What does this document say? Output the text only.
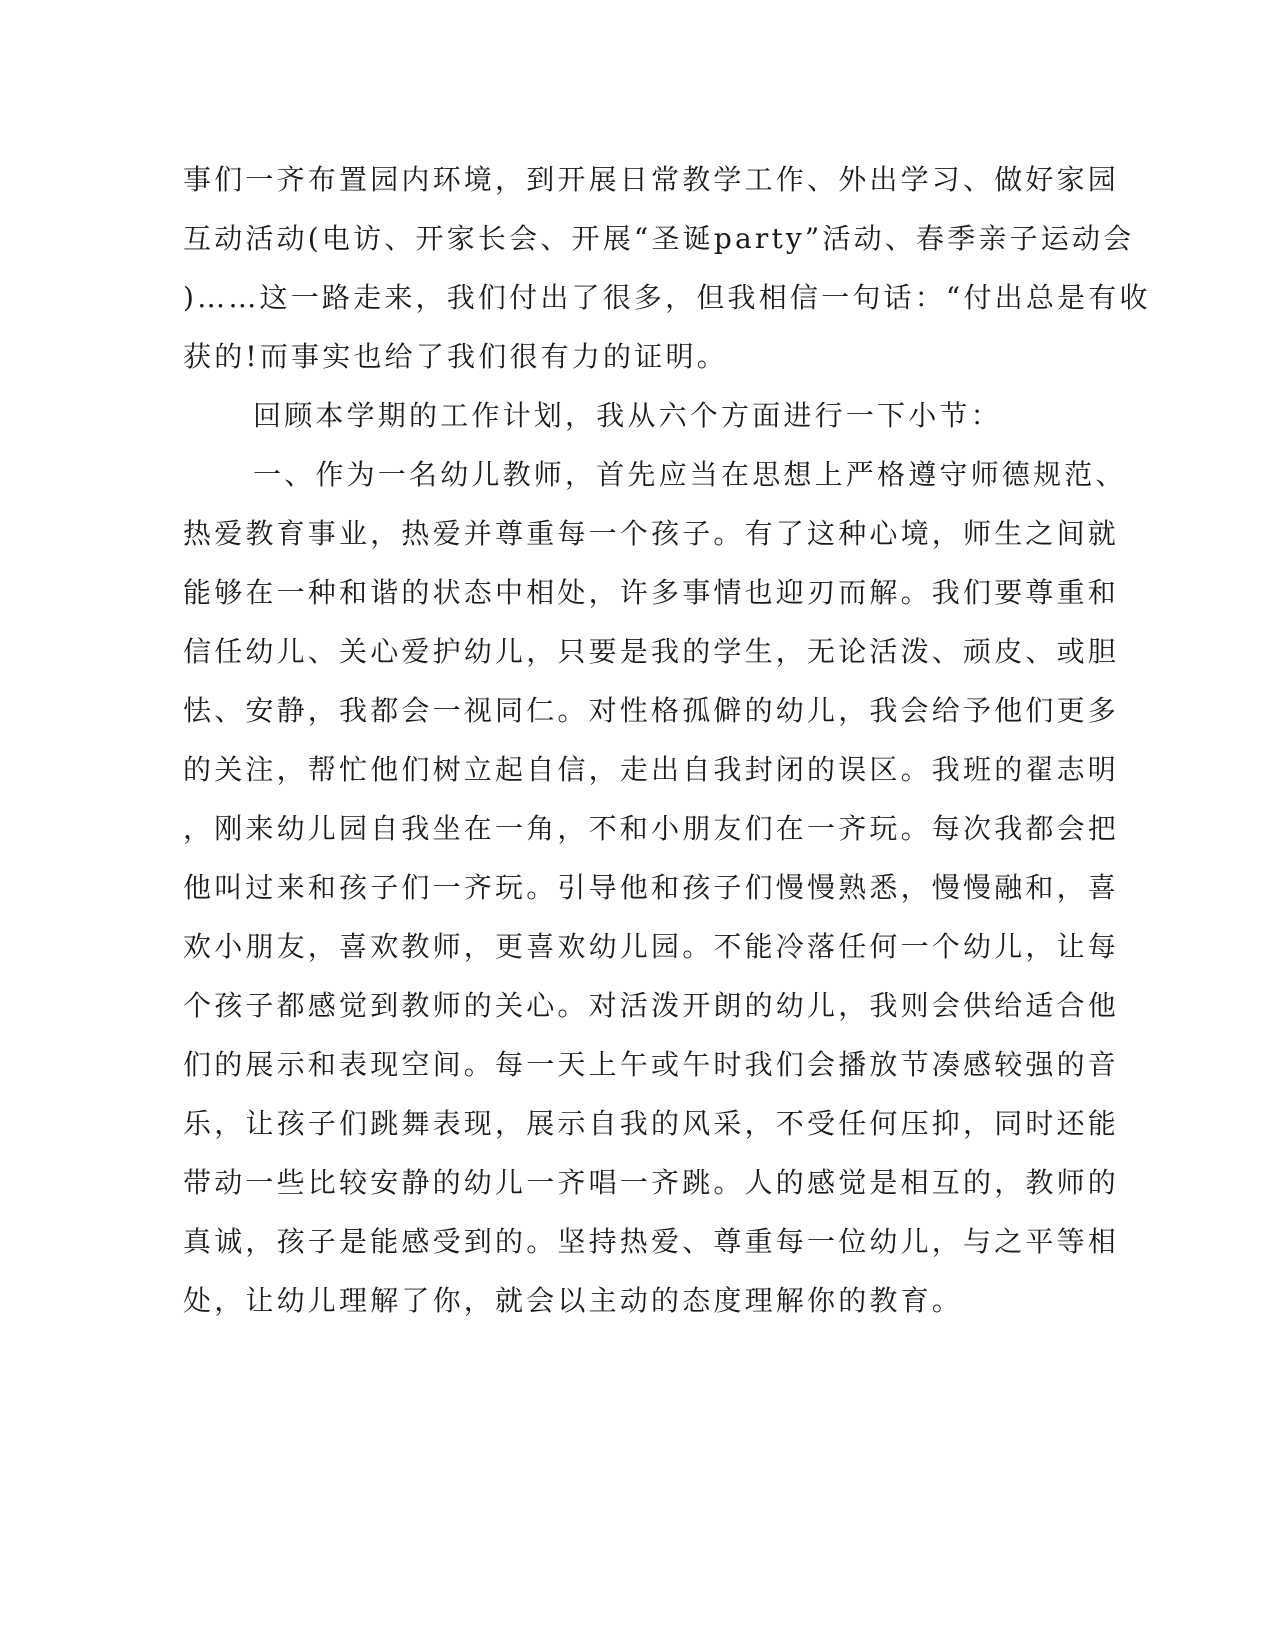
事们一齐布置园内环境，到开展日常教学工作、外出学习、做好家园
互动活动(电访、开家长会、开展“圣诞party”活动、春季亲子运动会
)……这一路走来，我们付出了很多，但我相信一句话：“付出总是有收
获的!而事实也给了我们很有力的证明。
回顾本学期的工作计划，我从六个方面进行一下小节：
一、作为一名幼儿教师，首先应当在思想上严格遵守师德规范、
热爱教育事业，热爱并尊重每一个孩子。有了这种心境，师生之间就
能够在一种和谐的状态中相处，许多事情也迎刃而解。我们要尊重和
信任幼儿、关心爱护幼儿，只要是我的学生，无论活泼、顽皮、或胆
怯、安静，我都会一视同仁。对性格孤僻的幼儿，我会给予他们更多
的关注，帮忙他们树立起自信，走出自我封闭的误区。我班的翟志明
，刚来幼儿园自我坐在一角，不和小朋友们在一齐玩。每次我都会把
他叫过来和孩子们一齐玩。引导他和孩子们慢慢熟悉，慢慢融和，喜
欢小朋友，喜欢教师，更喜欢幼儿园。不能冷落任何一个幼儿，让每
个孩子都感觉到教师的关心。对活泼开朗的幼儿，我则会供给适合他
们的展示和表现空间。每一天上午或午时我们会播放节凑感较强的音
乐，让孩子们跳舞表现，展示自我的风采，不受任何压抑，同时还能
带动一些比较安静的幼儿一齐唱一齐跳。人的感觉是相互的，教师的
真诚，孩子是能感受到的。坚持热爱、尊重每一位幼儿，与之平等相
处，让幼儿理解了你，就会以主动的态度理解你的教育。
